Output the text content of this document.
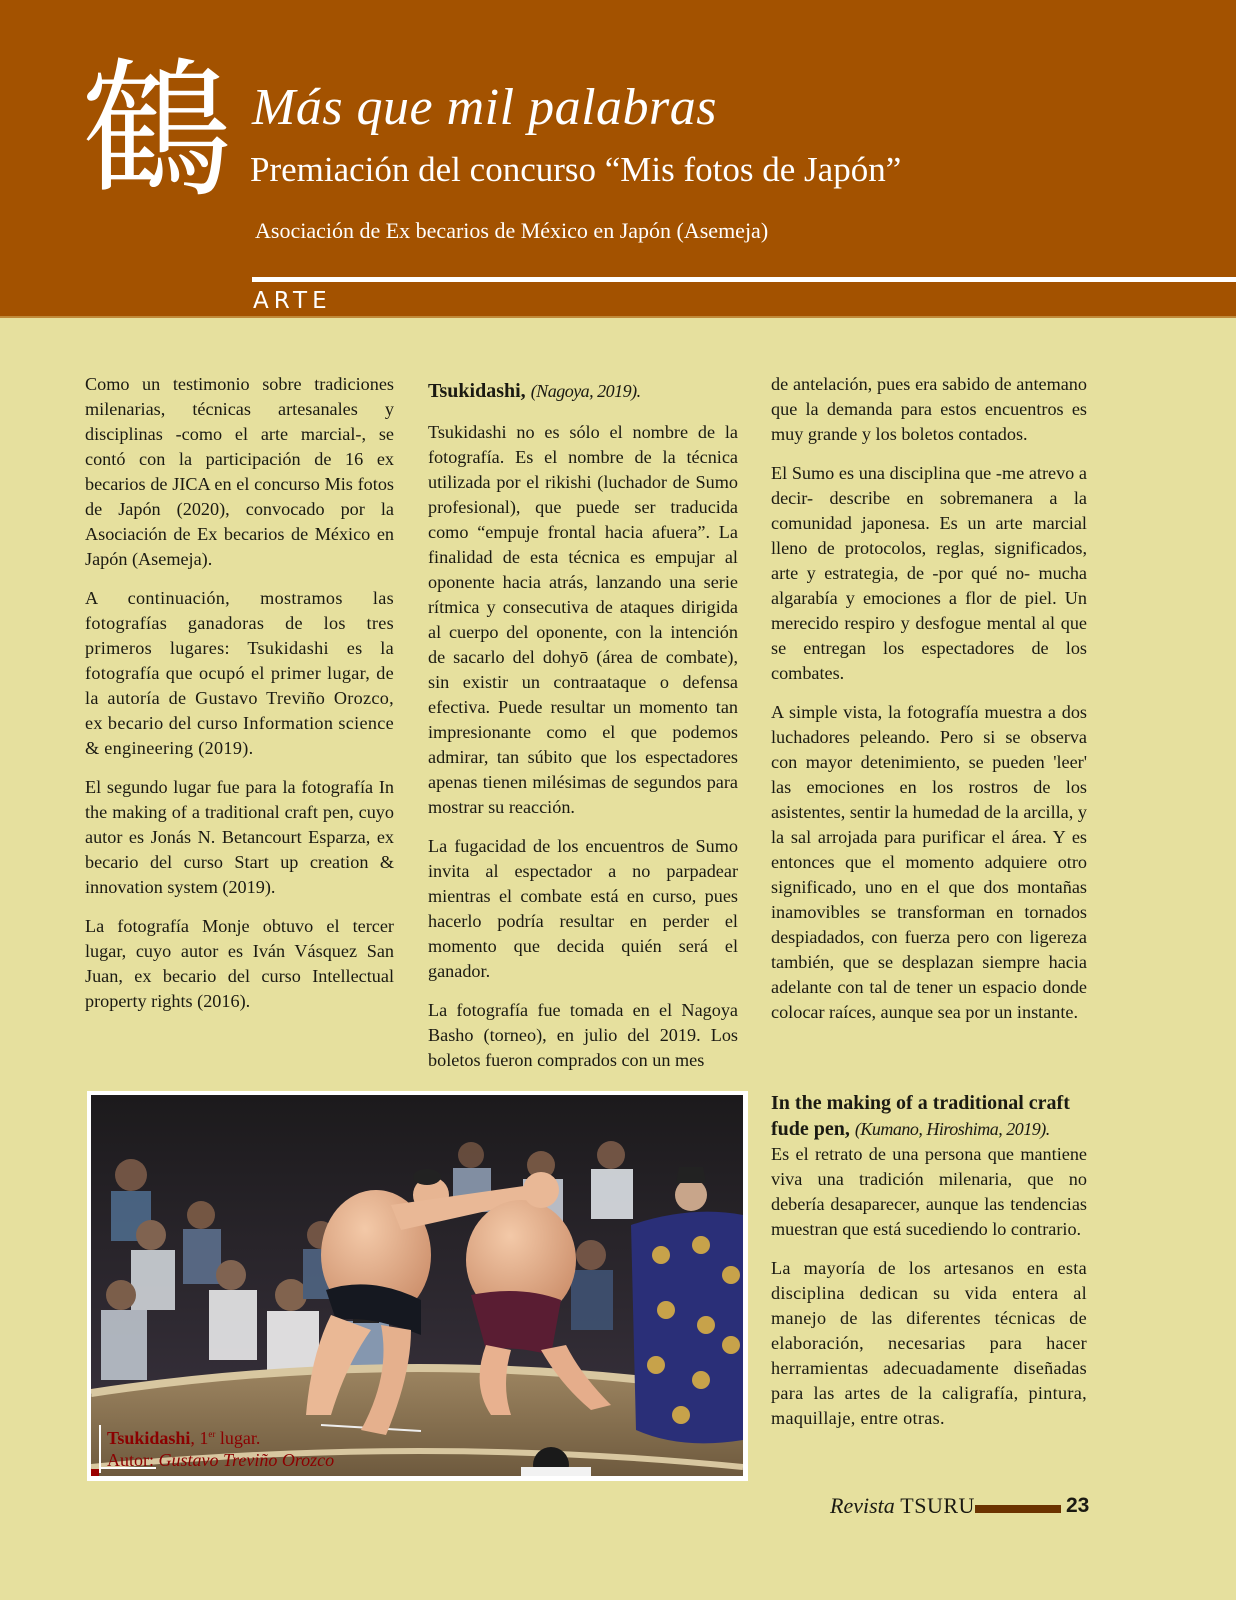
鶴 Más que mil palabras
Premiación del concurso “Mis fotos de Japón”
Asociación de Ex becarios de México en Japón (Asemeja)
ARTE

Como un testimonio sobre tradiciones milenarias, técnicas artesanales y disciplinas -como el arte marcial-, se contó con la participación de 16 ex becarios de JICA en el concurso Mis fotos de Japón (2020), convocado por la Asociación de Ex becarios de México en Japón (Asemeja).

A continuación, mostramos las fotografías ganadoras de los tres primeros lugares: Tsukidashi es la fotografía que ocupó el primer lugar, de la autoría de Gustavo Treviño Orozco, ex becario del curso Information science & engineering (2019).

El segundo lugar fue para la fotografía In the making of a traditional craft pen, cuyo autor es Jonás N. Betancourt Esparza, ex becario del curso Start up creation & innovation system (2019).

La fotografía Monje obtuvo el tercer lugar, cuyo autor es Iván Vásquez San Juan, ex becario del curso Intellectual property rights (2016).

Tsukidashi, (Nagoya, 2019).

Tsukidashi no es sólo el nombre de la fotografía. Es el nombre de la técnica utilizada por el rikishi (luchador de Sumo profesional), que puede ser traducida como “empuje frontal hacia afuera”. La finalidad de esta técnica es empujar al oponente hacia atrás, lanzando una serie rítmica y consecutiva de ataques dirigida al cuerpo del oponente, con la intención de sacarlo del dohyō (área de combate), sin existir un contraataque o defensa efectiva. Puede resultar un momento tan impresionante como el que podemos admirar, tan súbito que los espectadores apenas tienen milésimas de segundos para mostrar su reacción.

La fugacidad de los encuentros de Sumo invita al espectador a no parpadear mientras el combate está en curso, pues hacerlo podría resultar en perder el momento que decida quién será el ganador.

La fotografía fue tomada en el Nagoya Basho (torneo), en julio del 2019. Los boletos fueron comprados con un mes

de antelación, pues era sabido de antemano que la demanda para estos encuentros es muy grande y los boletos contados.

El Sumo es una disciplina que -me atrevo a decir- describe en sobremanera a la comunidad japonesa. Es un arte marcial lleno de protocolos, reglas, significados, arte y estrategia, de -por qué no- mucha algarabía y emociones a flor de piel. Un merecido respiro y desfogue mental al que se entregan los espectadores de los combates.

A simple vista, la fotografía muestra a dos luchadores peleando. Pero si se observa con mayor detenimiento, se pueden 'leer' las emociones en los rostros de los asistentes, sentir la humedad de la arcilla, y la sal arrojada para purificar el área. Y es entonces que el momento adquiere otro significado, uno en el que dos montañas inamovibles se transforman en tornados despiadados, con fuerza pero con ligereza también, que se desplazan siempre hacia adelante con tal de tener un espacio donde colocar raíces, aunque sea por un instante.

In the making of a traditional craft fude pen, (Kumano, Hiroshima, 2019).

Es el retrato de una persona que mantiene viva una tradición milenaria, que no debería desaparecer, aunque las tendencias muestran que está sucediendo lo contrario.

La mayoría de los artesanos en esta disciplina dedican su vida entera al manejo de las diferentes técnicas de elaboración, necesarias para hacer herramientas adecuadamente diseñadas para las artes de la caligrafía, pintura, maquillaje, entre otras.

Tsukidashi, 1er lugar.
Autor: Gustavo Treviño Orozco
Revista TSURU	23
